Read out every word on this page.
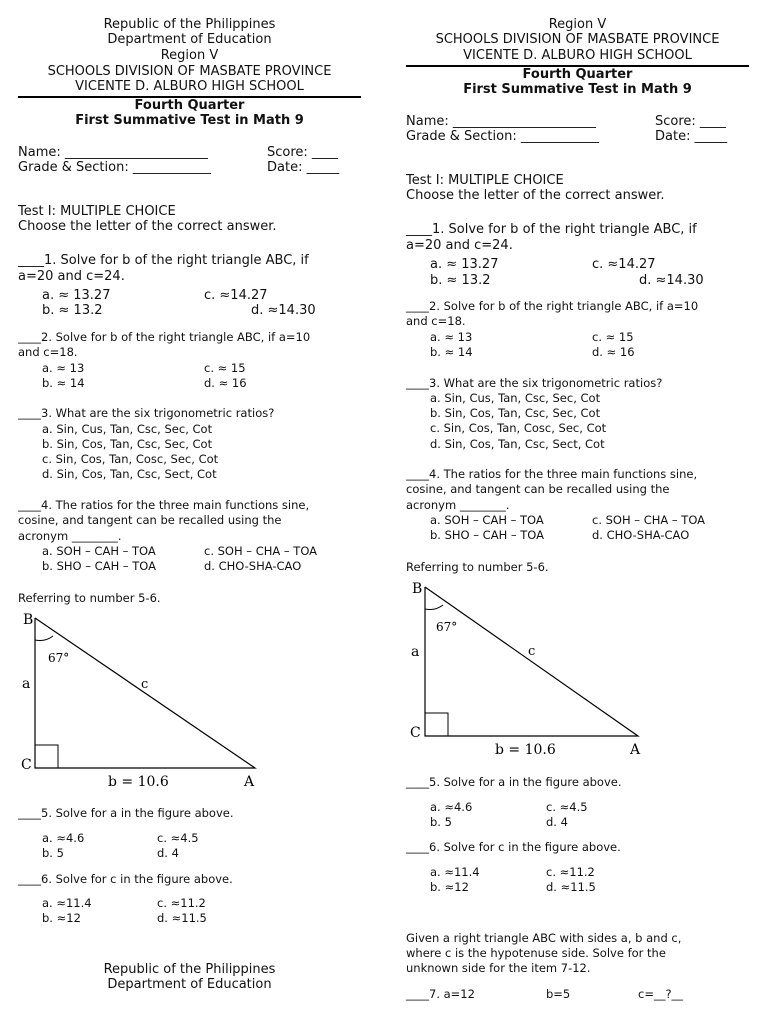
Republic of the Philippines
Department of Education
Region V
SCHOOLS DIVISION OF MASBATE PROVINCE
VICENTE D. ALBURO HIGH SCHOOL
Fourth Quarter
First Summative Test in Math 9
Name: ______________________	Score: ____
Grade & Section: ____________	Date: _____
Test I: MULTIPLE CHOICE
Choose the letter of the correct answer.
____1. Solve for b of the right triangle ABC, if
a=20 and c=24.
a. ≈ 13.27	c. ≈14.27
b. ≈ 13.2	d. ≈14.30
____2. Solve for b of the right triangle ABC, if a=10
and c=18.
a. ≈ 13	c. ≈ 15
b. ≈ 14	d. ≈ 16
____3. What are the six trigonometric ratios?
a. Sin, Cus, Tan, Csc, Sec, Cot
b. Sin, Cos, Tan, Csc, Sec, Cot
c. Sin, Cos, Tan, Cosc, Sec, Cot
d. Sin, Cos, Tan, Csc, Sect, Cot
____4. The ratios for the three main functions sine,
cosine, and tangent can be recalled using the
acronym ________.
a. SOH – CAH – TOA	c. SOH – CHA – TOA
b. SHO – CAH – TOA	d. CHO-SHA-CAO
Referring to number 5-6.
B
C
A
a	c
67°
b = 10.6
____5. Solve for a in the figure above.
a. ≈4.6	c. ≈4.5
b. 5	d. 4
____6. Solve for c in the figure above.
a. ≈11.4	c. ≈11.2
b. ≈12	d. ≈11.5
Republic of the Philippines
Department of Education
Region V
SCHOOLS DIVISION OF MASBATE PROVINCE
VICENTE D. ALBURO HIGH SCHOOL
Fourth Quarter
First Summative Test in Math 9
Name: ______________________	Score: ____
Grade & Section: ____________	Date: _____
Test I: MULTIPLE CHOICE
Choose the letter of the correct answer.
____1. Solve for b of the right triangle ABC, if
a=20 and c=24.
a. ≈ 13.27	c. ≈14.27
b. ≈ 13.2	d. ≈14.30
____2. Solve for b of the right triangle ABC, if a=10
and c=18.
a. ≈ 13	c. ≈ 15
b. ≈ 14	d. ≈ 16
____3. What are the six trigonometric ratios?
a. Sin, Cus, Tan, Csc, Sec, Cot
b. Sin, Cos, Tan, Csc, Sec, Cot
c. Sin, Cos, Tan, Cosc, Sec, Cot
d. Sin, Cos, Tan, Csc, Sect, Cot
____4. The ratios for the three main functions sine,
cosine, and tangent can be recalled using the
acronym ________.
a. SOH – CAH – TOA	c. SOH – CHA – TOA
b. SHO – CAH – TOA	d. CHO-SHA-CAO
Referring to number 5-6.
B
C
A
a	c
67°
b = 10.6
____5. Solve for a in the figure above.
a. ≈4.6	c. ≈4.5
b. 5	d. 4
____6. Solve for c in the figure above.
a. ≈11.4	c. ≈11.2
b. ≈12	d. ≈11.5
Given a right triangle ABC with sides a, b and c,
where c is the hypotenuse side. Solve for the
unknown side for the item 7-12.
____7. a=12	b=5	c=__?__
